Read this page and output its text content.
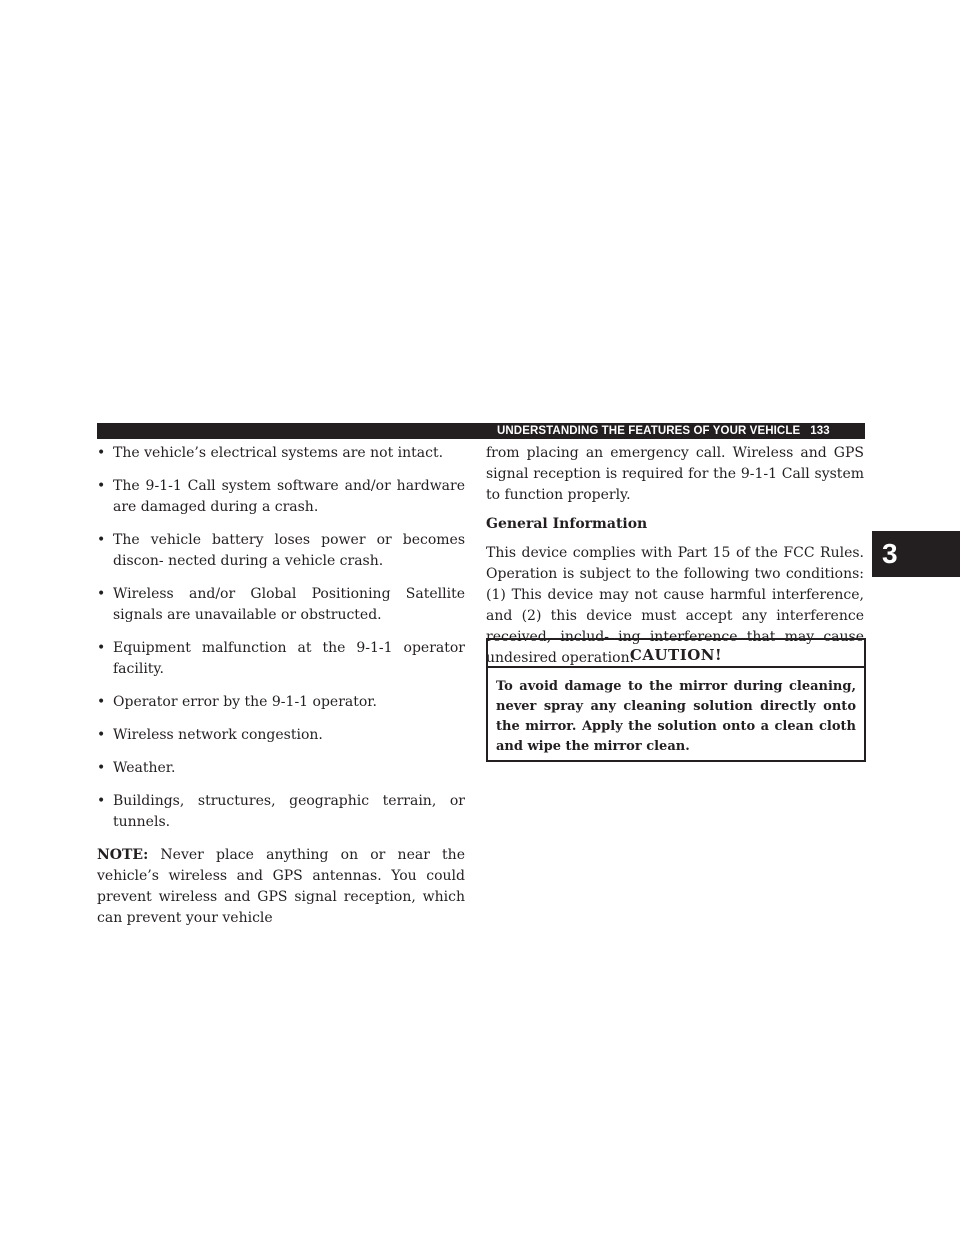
UNDERSTANDING THE FEATURES OF YOUR VEHICLE 133
3
• The vehicle’s electrical systems are not intact.
• The 9-1-1 Call system software and/or hardware are damaged during a crash.
• The vehicle battery loses power or becomes discon- nected during a vehicle crash.
• Wireless and/or Global Positioning Satellite signals are unavailable or obstructed.
• Equipment malfunction at the 9-1-1 operator facility.
• Operator error by the 9-1-1 operator.
• Wireless network congestion.
• Weather.
• Buildings, structures, geographic terrain, or tunnels.

NOTE: Never place anything on or near the vehicle’s wireless and GPS antennas. You could prevent wireless and GPS signal reception, which can prevent your vehicle

from placing an emergency call. Wireless and GPS signal reception is required for the 9-1-1 Call system to function properly.

General Information

This device complies with Part 15 of the FCC Rules. Operation is subject to the following two conditions: (1) This device may not cause harmful interference, and (2) this device must accept any interference received, includ- ing interference that may cause undesired operation.

CAUTION!
To avoid damage to the mirror during cleaning, never spray any cleaning solution directly onto the mirror. Apply the solution onto a clean cloth and wipe the mirror clean.
